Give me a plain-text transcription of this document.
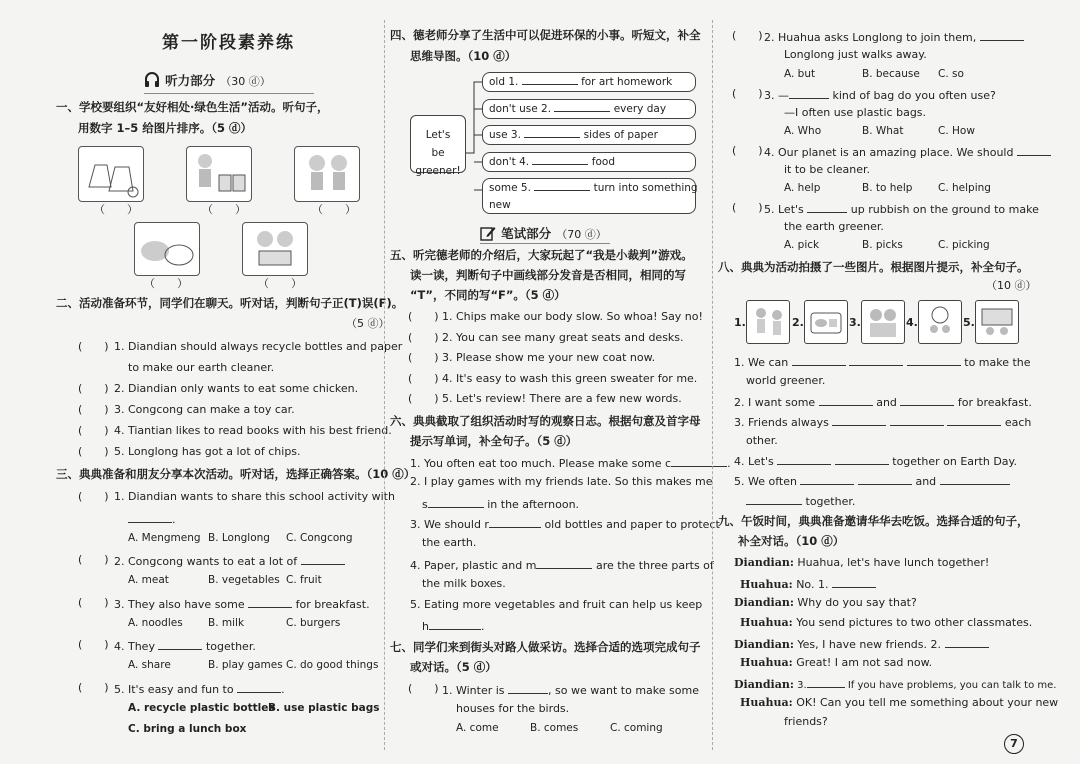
第一阶段素养练
听力部分 （30 ⓓ）
一、学校要组织“友好相处·绿色生活”活动。听句子，
用数字 1–5 给图片排序。（5 ⓓ）
（　　）	（　　）	（　　）
（　　）	（　　）
二、活动准备环节，同学们在聊天。听对话，判断句子正(T)误(F)。
（5 ⓓ）
(　　) 1. Diandian should always recycle bottles and paper
to make our earth cleaner.
(　　) 2. Diandian only wants to eat some chicken.
(　　) 3. Congcong can make a toy car.
(　　) 4. Tiantian likes to read books with his best friend.
(　　) 5. Longlong has got a lot of chips.
三、典典准备和朋友分享本次活动。听对话，选择正确答案。（10 ⓓ）
(　　) 1. Diandian wants to share this school activity with
.
A. Mengmeng B. Longlong C. Congcong
(　　) 2. Congcong wants to eat a lot of
A. meat	B. vegetables C. fruit
(　　) 3. They also have some	for breakfast.
A. noodles B. milk	C. burgers
(　　) 4. They	together.
A. share	B. play games C. do good things
(　　) 5. It's easy and fun to	.
A. recycle plastic bottles
B. use plastic bags
C. bring a lunch box
四、德老师分享了生活中可以促进环保的小事。听短文，补全
思维导图。（10 ⓓ）
Let's
be greener!
old 1.	for art homework
don't use 2.	every day
use 3.	sides of paper
don't 4.	food
some 5.	turn into something
new
笔试部分 （70 ⓓ）
五、听完德老师的介绍后，大家玩起了“我是小裁判”游戏。
读一读，判断句子中画线部分发音是否相同，相同的写
“T”，不同的写“F”。（5 ⓓ）
(　　) 1. Chips make our body slow. So whoa! Say no!
(　　) 2. You can see many great seats and desks.
(　　) 3. Please show me your new coat now.
(　　) 4. It's easy to wash this green sweater for me.
(　　) 5. Let's review! There are a few new words.
六、典典截取了组织活动时写的观察日志。根据句意及首字母
提示写单词，补全句子。（5 ⓓ）
1. You often eat too much. Please make some c	.
2. I play games with my friends late. So this makes me
s	in the afternoon.
3. We should r	old bottles and paper to protect
the earth.
4. Paper, plastic and m	are the three parts of
the milk boxes.
5. Eating more vegetables and fruit can help us keep
h	.
七、同学们来到街头对路人做采访。选择合适的选项完成句子
或对话。（5 ⓓ）
(　　) 1. Winter is	, so we want to make some
houses for the birds.
A. come	B. comes	C. coming
(　　) 2. Huahua asks Longlong to join them,
Longlong just walks away.
A. but	B. because C. so
(　　) 3. —	kind of bag do you often use?
—I often use plastic bags.
A. Who	B. What	C. How
(　　) 4. Our planet is an amazing place. We should
it to be cleaner.
A. help	B. to help C. helping
(　　) 5. Let's	up rubbish on the ground to make
the earth greener.
A. pick	B. picks	C. picking
八、典典为活动拍摄了一些图片。根据图片提示，补全句子。
（10 ⓓ）
1.	2.	3.	4.	5.
1. We can	to make the
world greener.
2. I want some	and	for breakfast.
3. Friends always	each
other.
4. Let's	together on Earth Day.
5. We often	and
together.
九、午饭时间，典典准备邀请华华去吃饭。选择合适的句子，
补全对话。（10 ⓓ）
Diandian: Huahua, let's have lunch together!
Huahua: No. 1.
Diandian: Why do you say that?
Huahua: You send pictures to two other classmates.
Diandian: Yes, I have new friends. 2.
Huahua: Great! I am not sad now.
Diandian: 3.	If you have problems, you can talk to me.
Huahua: OK! Can you tell me something about your new
friends?
7
